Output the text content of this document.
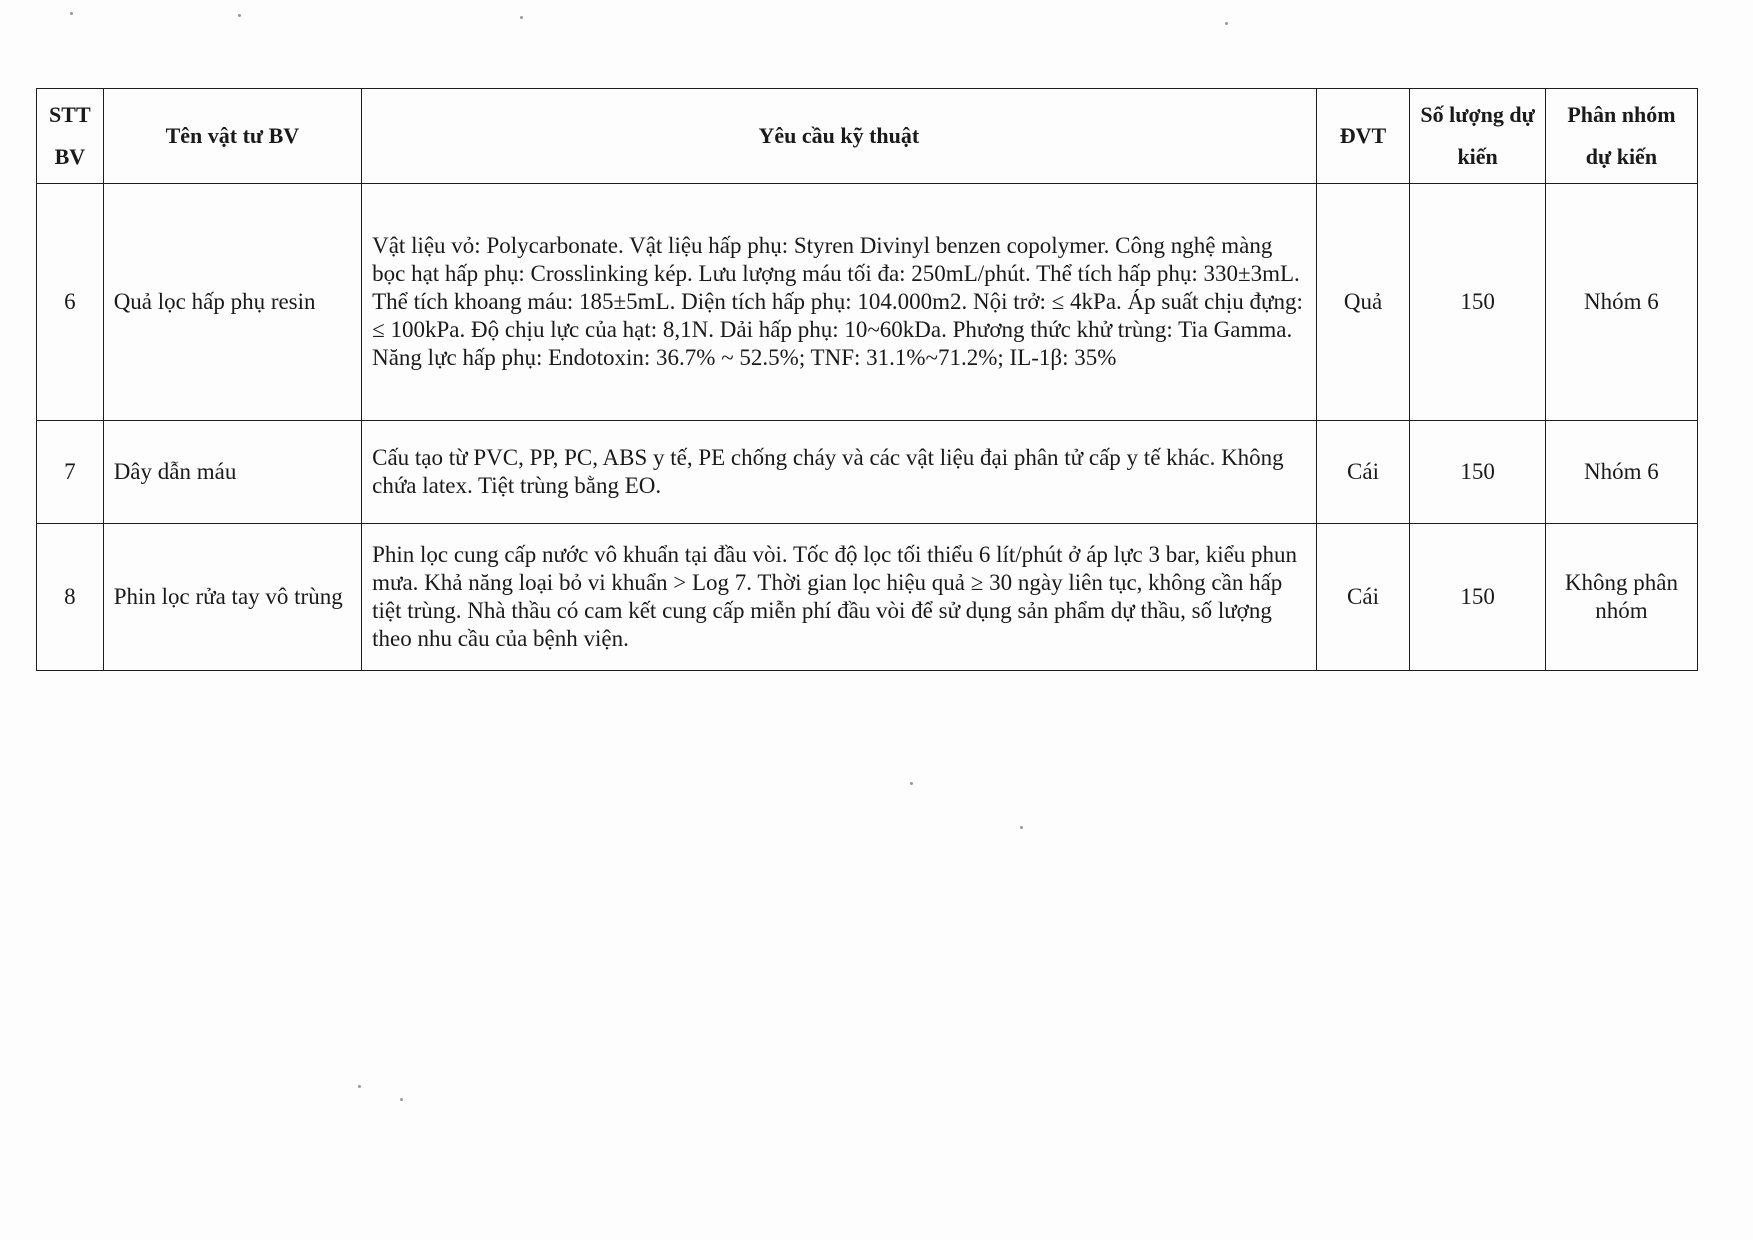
STT BV	Tên vật tư BV	Yêu cầu kỹ thuật	ĐVT	Số lượng dự kiến	Phân nhóm dự kiến
6	Quả lọc hấp phụ resin	Vật liệu vỏ: Polycarbonate. Vật liệu hấp phụ: Styren Divinyl benzen copolymer. Công nghệ màng bọc hạt hấp phụ: Crosslinking kép. Lưu lượng máu tối đa: 250mL/phút. Thể tích hấp phụ: 330±3mL. Thể tích khoang máu: 185±5mL. Diện tích hấp phụ: 104.000m2. Nội trở: ≤ 4kPa. Áp suất chịu đựng: ≤ 100kPa. Độ chịu lực của hạt: 8,1N. Dải hấp phụ: 10~60kDa. Phương thức khử trùng: Tia Gamma. Năng lực hấp phụ: Endotoxin: 36.7% ~ 52.5%; TNF: 31.1%~71.2%; IL-1β: 35%	Quả	150	Nhóm 6
7	Dây dẫn máu	Cấu tạo từ PVC, PP, PC, ABS y tế, PE chống cháy và các vật liệu đại phân tử cấp y tế khác. Không chứa latex. Tiệt trùng bằng EO.	Cái	150	Nhóm 6
8	Phin lọc rửa tay vô trùng	Phin lọc cung cấp nước vô khuẩn tại đầu vòi. Tốc độ lọc tối thiểu 6 lít/phút ở áp lực 3 bar, kiểu phun mưa. Khả năng loại bỏ vi khuẩn > Log 7. Thời gian lọc hiệu quả ≥ 30 ngày liên tục, không cần hấp tiệt trùng. Nhà thầu có cam kết cung cấp miễn phí đầu vòi để sử dụng sản phẩm dự thầu, số lượng theo nhu cầu của bệnh viện.	Cái	150	Không phân nhóm
